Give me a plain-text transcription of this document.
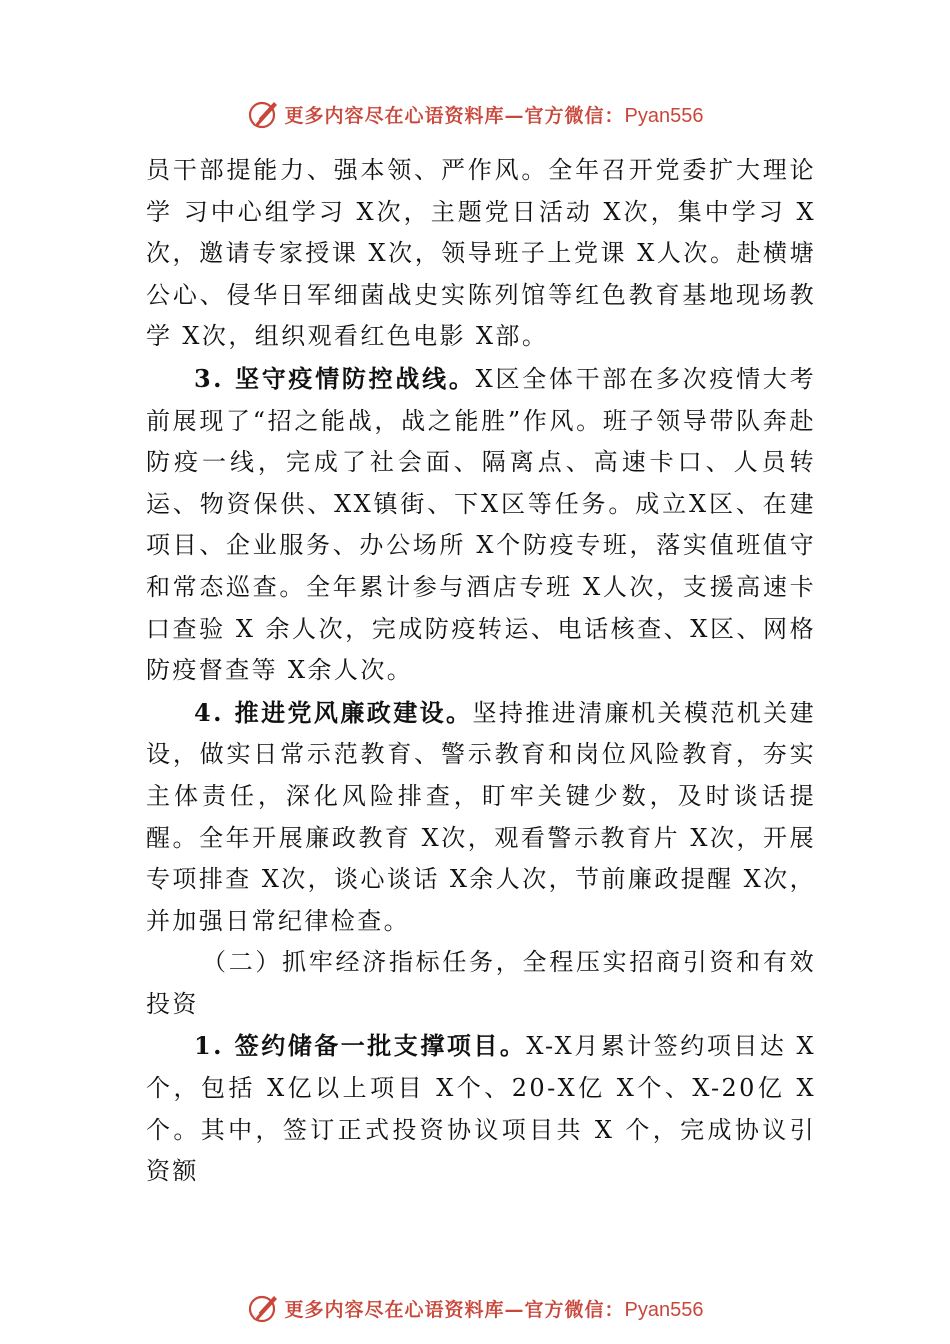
更多内容尽在心语资料库—官方微信：Pyan556

员干部提能力、强本领、严作风。全年召开党委扩大理论学 习中心组学习 X次，主题党日活动 X次，集中学习 X次，邀请专家授课 X次，领导班子上党课 X人次。赴横塘公心、侵华日军细菌战史实陈列馆等红色教育基地现场教学 X次，组织观看红色电影 X部。

3. 坚守疫情防控战线。X区全体干部在多次疫情大考前展现了“招之能战，战之能胜”作风。班子领导带队奔赴防疫一线，完成了社会面、隔离点、高速卡口、人员转运、物资保供、XX镇街、下X区等任务。成立X区、在建项目、企业服务、办公场所 X个防疫专班，落实值班值守和常态巡查。全年累计参与酒店专班 X人次，支援高速卡口查验 X 余人次，完成防疫转运、电话核查、X区、网格防疫督查等 X余人次。

4. 推进党风廉政建设。坚持推进清廉机关模范机关建设，做实日常示范教育、警示教育和岗位风险教育，夯实主体责任，深化风险排查，盯牢关键少数，及时谈话提醒。全年开展廉政教育 X次，观看警示教育片 X次，开展专项排查 X次，谈心谈话 X余人次，节前廉政提醒 X次，并加强日常纪律检查。

（二）抓牢经济指标任务，全程压实招商引资和有效投资

1. 签约储备一批支撑项目。X-X月累计签约项目达 X个，包括 X亿以上项目 X个、20-X亿 X个、X-20亿 X个。其中，签订正式投资协议项目共 X 个，完成协议引资额

更多内容尽在心语资料库—官方微信：Pyan556
